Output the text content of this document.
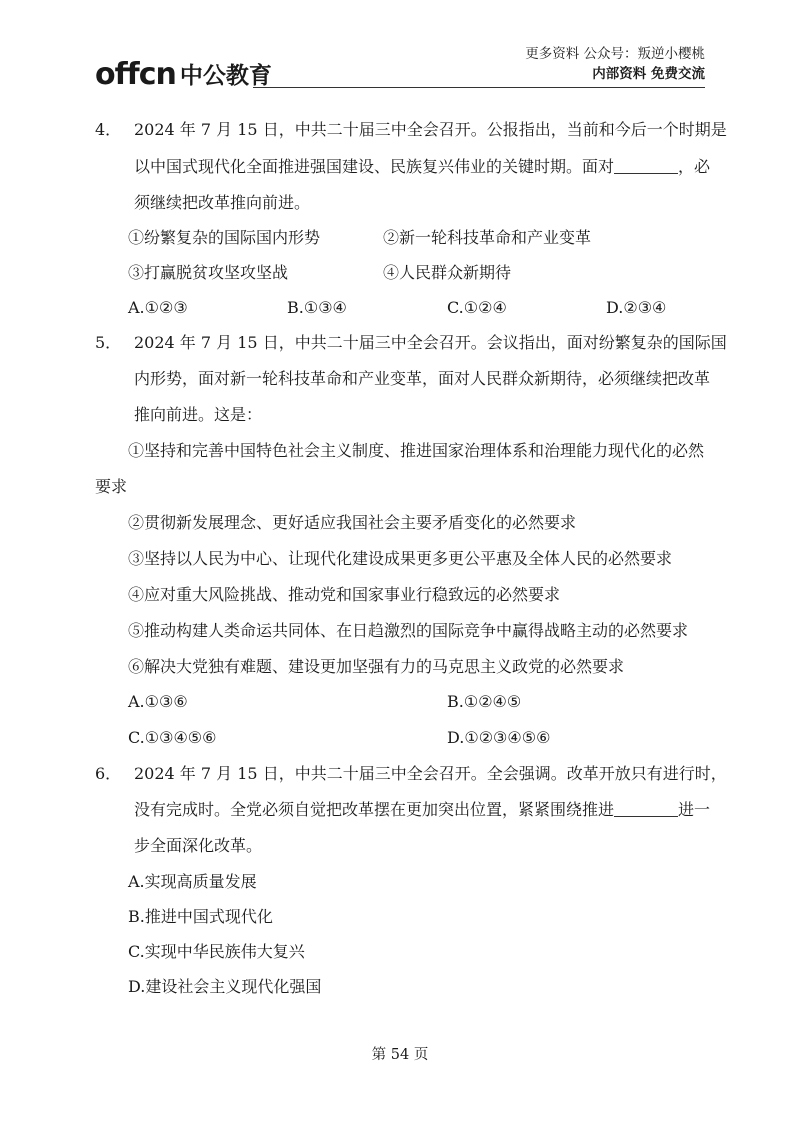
offcn 中公教育
更多资料 公众号：叛逆小樱桃
内部资料 免费交流
4． 2024 年 7 月 15 日，中共二十届三中全会召开。公报指出，当前和今后一个时期是
以中国式现代化全面推进强国建设、民族复兴伟业的关键时期。面对	，必
须继续把改革推向前进。
①纷繁复杂的国际国内形势	②新一轮科技革命和产业变革
③打赢脱贫攻坚攻坚战	④人民群众新期待
A.①②③	B.①③④	C.①②④	D.②③④
5． 2024 年 7 月 15 日，中共二十届三中全会召开。会议指出，面对纷繁复杂的国际国
内形势，面对新一轮科技革命和产业变革，面对人民群众新期待，必须继续把改革
推向前进。这是：
①坚持和完善中国特色社会主义制度、推进国家治理体系和治理能力现代化的必然
要求
②贯彻新发展理念、更好适应我国社会主要矛盾变化的必然要求
③坚持以人民为中心、让现代化建设成果更多更公平惠及全体人民的必然要求
④应对重大风险挑战、推动党和国家事业行稳致远的必然要求
⑤推动构建人类命运共同体、在日趋激烈的国际竞争中赢得战略主动的必然要求
⑥解决大党独有难题、建设更加坚强有力的马克思主义政党的必然要求
A.①③⑥	B.①②④⑤
C.①③④⑤⑥	D.①②③④⑤⑥
6． 2024 年 7 月 15 日，中共二十届三中全会召开。全会强调。改革开放只有进行时，
没有完成时。全党必须自觉把改革摆在更加突出位置，紧紧围绕推进	进一
步全面深化改革。
A.实现高质量发展
B.推进中国式现代化
C.实现中华民族伟大复兴
D.建设社会主义现代化强国
第 54 页
